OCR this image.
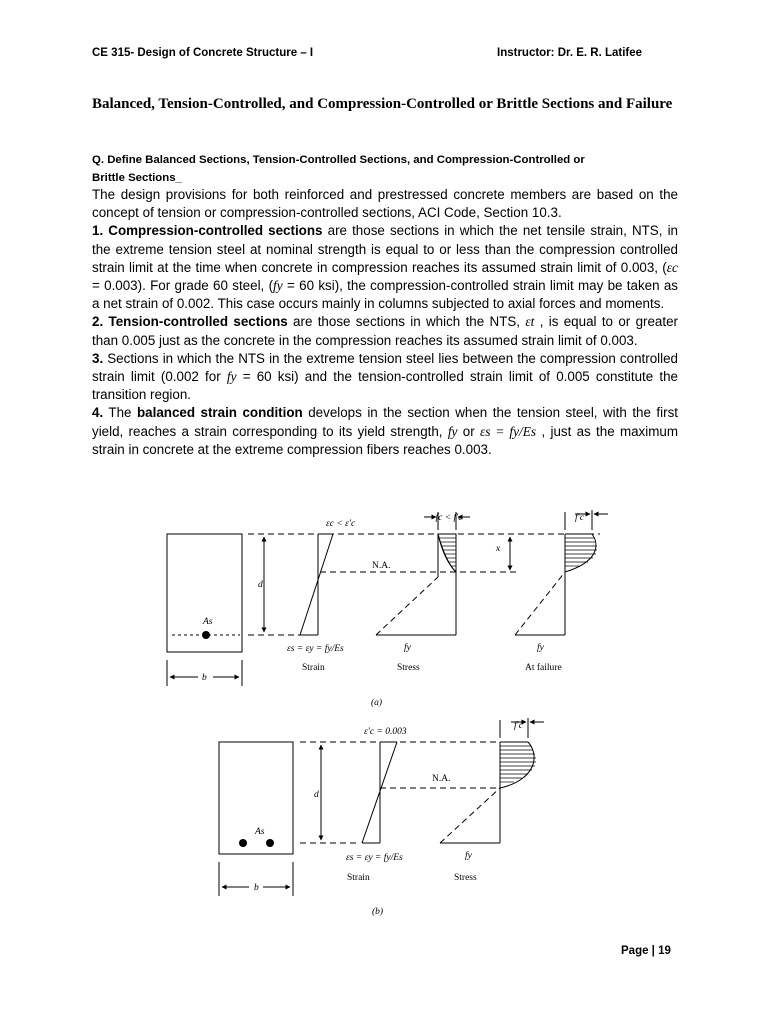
CE 315- Design of Concrete Structure – I	Instructor: Dr. E. R. Latifee
Balanced, Tension-Controlled, and Compression-Controlled or Brittle Sections and Failure
Q. Define Balanced Sections, Tension-Controlled Sections, and Compression-Controlled or
Brittle Sections_

The design provisions for both reinforced and prestressed concrete members are based on the concept of tension or compression-controlled sections, ACI Code, Section 10.3.

1. Compression-controlled sections are those sections in which the net tensile strain, NTS, in the extreme tension steel at nominal strength is equal to or less than the compression controlled strain limit at the time when concrete in compression reaches its assumed strain limit of 0.003, (εc = 0.003). For grade 60 steel, (fy = 60 ksi), the compression-controlled strain limit may be taken as a net strain of 0.002. This case occurs mainly in columns subjected to axial forces and moments.

2. Tension-controlled sections are those sections in which the NTS, εt , is equal to or greater than 0.005 just as the concrete in the compression reaches its assumed strain limit of 0.003.

3. Sections in which the NTS in the extreme tension steel lies between the compression controlled strain limit (0.002 for fy = 60 ksi) and the tension-controlled strain limit of 0.005 constitute the transition region.

4. The balanced strain condition develops in the section when the tension steel, with the first yield, reaches a strain corresponding to its yield strength, fy or εs = fy/Es , just as the maximum strain in concrete at the extreme compression fibers reaches 0.003.

εc < ε′c
fc < f′c	f′c
N.A.
x
d
As
b
εs = εy = fy/Es	fy	fy
Strain	Stress	At failure
(a)
ε′c = 0.003
f′c
N.A.
d
As
b
εs = εy = fy/Es	fy
Strain	Stress
(b)
Page | 19
